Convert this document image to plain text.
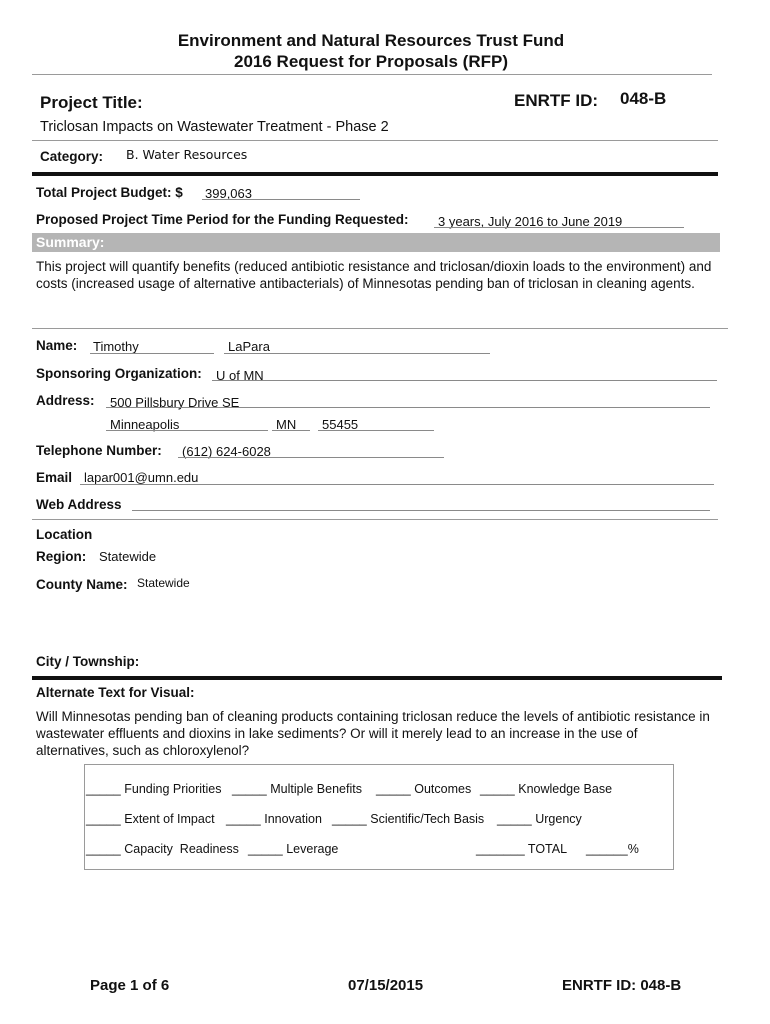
Environment and Natural Resources Trust Fund
2016 Request for Proposals (RFP)
Project Title:	ENRTF ID: 048-B
Triclosan Impacts on Wastewater Treatment - Phase 2
Category: B. Water Resources
Total Project Budget: $ 399,063
Proposed Project Time Period for the Funding Requested: 3 years, July 2016 to June 2019
Summary:
This project will quantify benefits (reduced antibiotic resistance and triclosan/dioxin loads to the environment) and costs (increased usage of alternative antibacterials) of Minnesotas pending ban of triclosan in cleaning agents.
Name: Timothy	LaPara
Sponsoring Organization: U of MN
Address: 500 Pillsbury Drive SE
Minneapolis	MN 55455
Telephone Number: (612) 624-6028
Email lapar001@umn.edu
Web Address
Location
Region: Statewide
County Name: Statewide
City / Township:
Alternate Text for Visual:
Will Minnesotas pending ban of cleaning products containing triclosan reduce the levels of antibiotic resistance in wastewater effluents and dioxins in lake sediments? Or will it merely lead to an increase in the use of alternatives, such as chloroxylenol?
_____ Funding Priorities _____ Multiple Benefits _____ Outcomes _____ Knowledge Base
_____ Extent of Impact _____ Innovation _____ Scientific/Tech Basis _____ Urgency
_____ Capacity  Readiness _____ Leverage	_______ TOTAL ______%
Page 1 of 6	07/15/2015	ENRTF ID: 048-B
